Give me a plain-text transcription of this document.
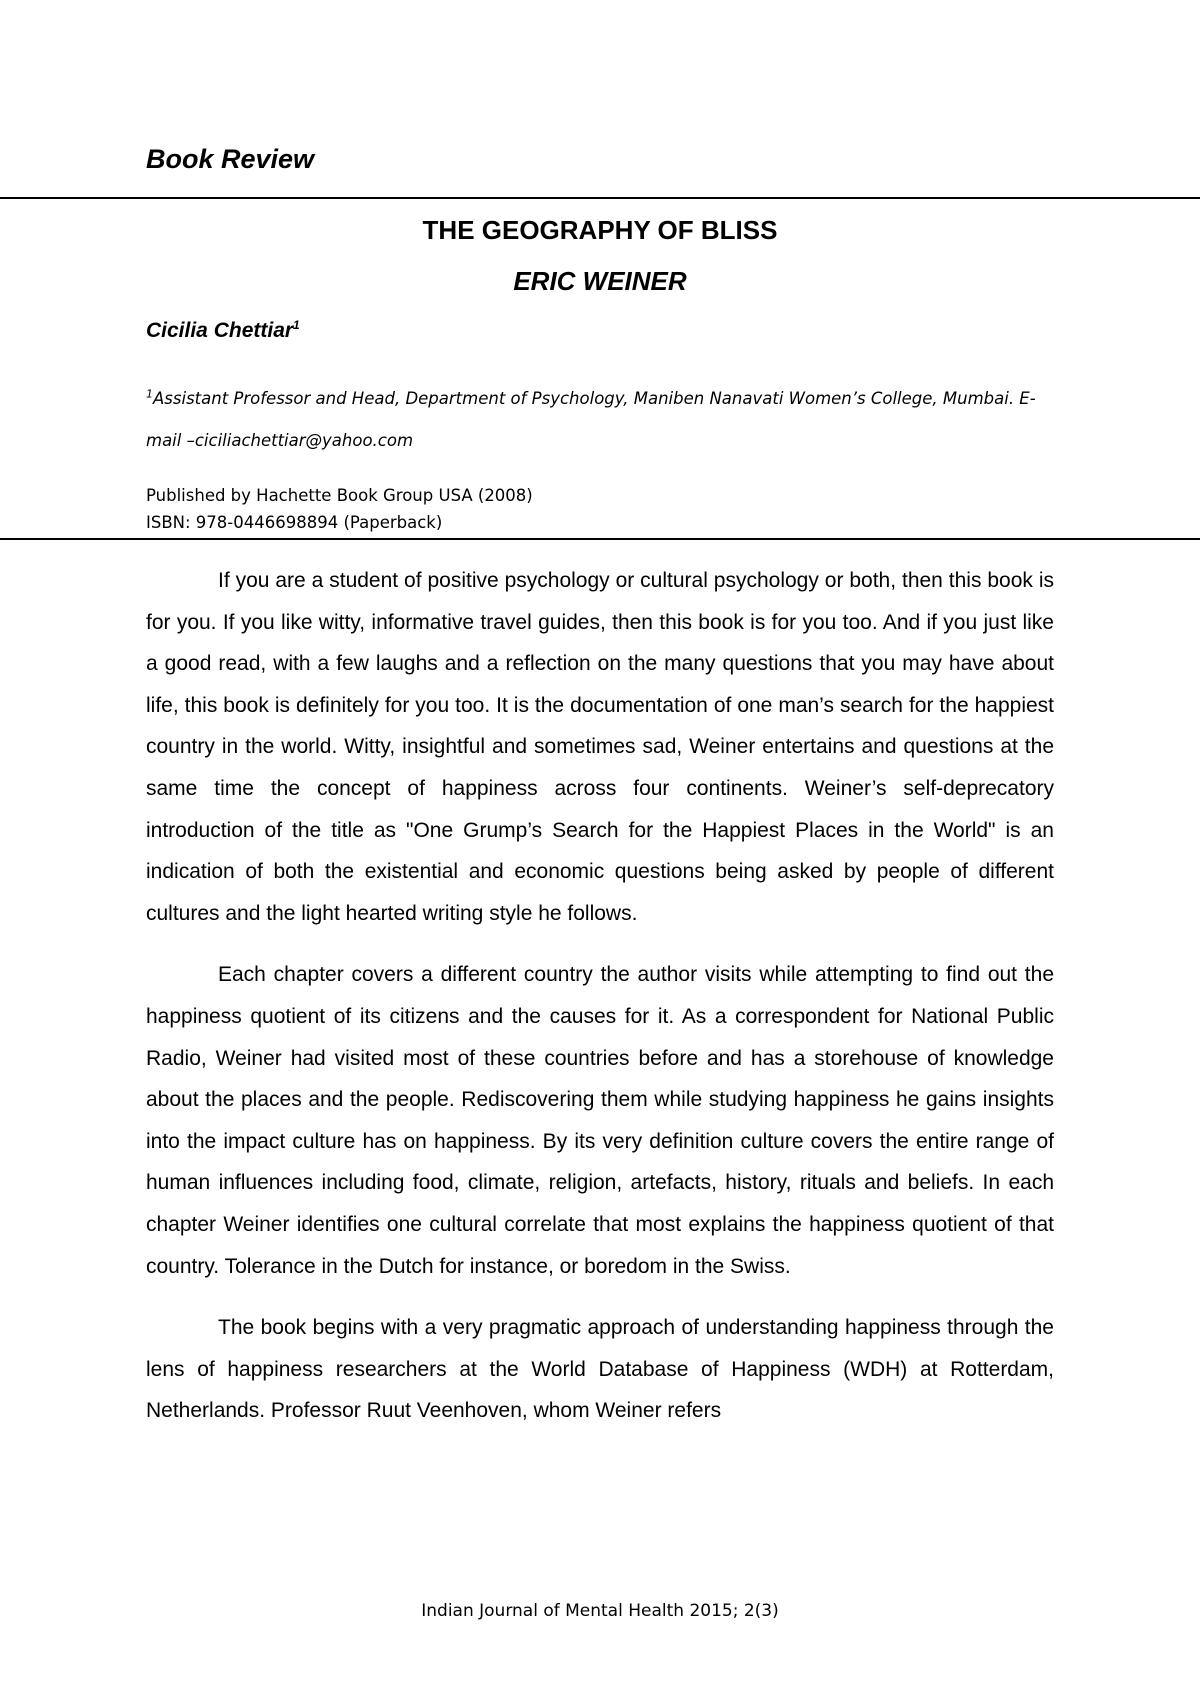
Book Review
THE GEOGRAPHY OF BLISS
ERIC WEINER
Cicilia Chettiar$^1$
$^1$Assistant Professor and Head, Department of Psychology, Maniben Nanavati Women’s College, Mumbai. E-mail –ciciliachettiar@yahoo.com
Published by Hachette Book Group USA (2008)
ISBN: 978-0446698894 (Paperback)

If you are a student of positive psychology or cultural psychology or both, then this book is for you. If you like witty, informative travel guides, then this book is for you too. And if you just like a good read, with a few laughs and a reflection on the many questions that you may have about life, this book is definitely for you too. It is the documentation of one man’s search for the happiest country in the world. Witty, insightful and sometimes sad, Weiner entertains and questions at the same time the concept of happiness across four continents. Weiner’s self-deprecatory introduction of the title as "One Grump’s Search for the Happiest Places in the World" is an indication of both the existential and economic questions being asked by people of different cultures and the light hearted writing style he follows.

Each chapter covers a different country the author visits while attempting to find out the happiness quotient of its citizens and the causes for it. As a correspondent for National Public Radio, Weiner had visited most of these countries before and has a storehouse of knowledge about the places and the people. Rediscovering them while studying happiness he gains insights into the impact culture has on happiness. By its very definition culture covers the entire range of human influences including food, climate, religion, artefacts, history, rituals and beliefs. In each chapter Weiner identifies one cultural correlate that most explains the happiness quotient of that country. Tolerance in the Dutch for instance, or boredom in the Swiss.

The book begins with a very pragmatic approach of understanding happiness through the lens of happiness researchers at the World Database of Happiness (WDH) at Rotterdam, Netherlands. Professor Ruut Veenhoven, whom Weiner refers

Indian Journal of Mental Health 2015; 2(3)
